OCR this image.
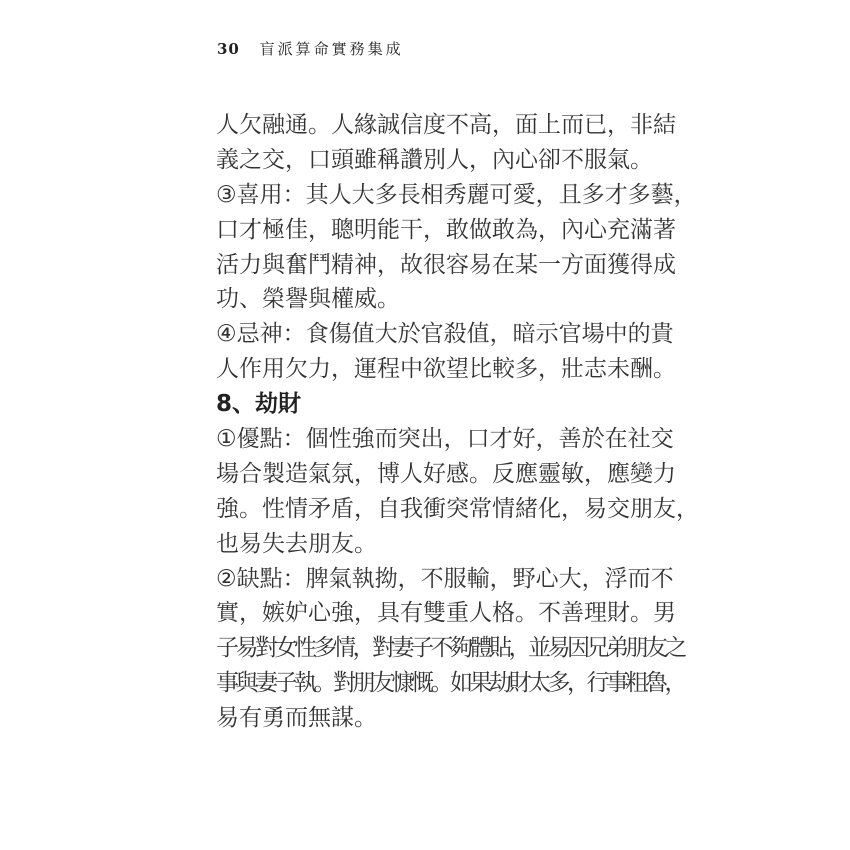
30 盲派算命實務集成
人欠融通。人緣誠信度不高，面上而已，非結
義之交，口頭雖稱讚別人，內心卻不服氣。
③喜用：其人大多長相秀麗可愛，且多才多藝，
口才極佳，聰明能干，敢做敢為，內心充滿著
活力與奮鬥精神，故很容易在某一方面獲得成
功、榮譽與權威。
④忌神：食傷值大於官殺值，暗示官場中的貴
人作用欠力，運程中欲望比較多，壯志未酬。
8、劫財
①優點：個性強而突出，口才好，善於在社交
場合製造氣氛，博人好感。反應靈敏，應變力
強。性情矛盾，自我衝突常情緒化，易交朋友，
也易失去朋友。
②缺點：脾氣執拗，不服輸，野心大，浮而不
實，嫉妒心強，具有雙重人格。不善理財。男
子易對女性多情，對妻子不夠體貼，並易因兄弟朋友之
事與妻子執。對朋友慷慨。如果劫財太多，行事粗魯，
易有勇而無謀。
